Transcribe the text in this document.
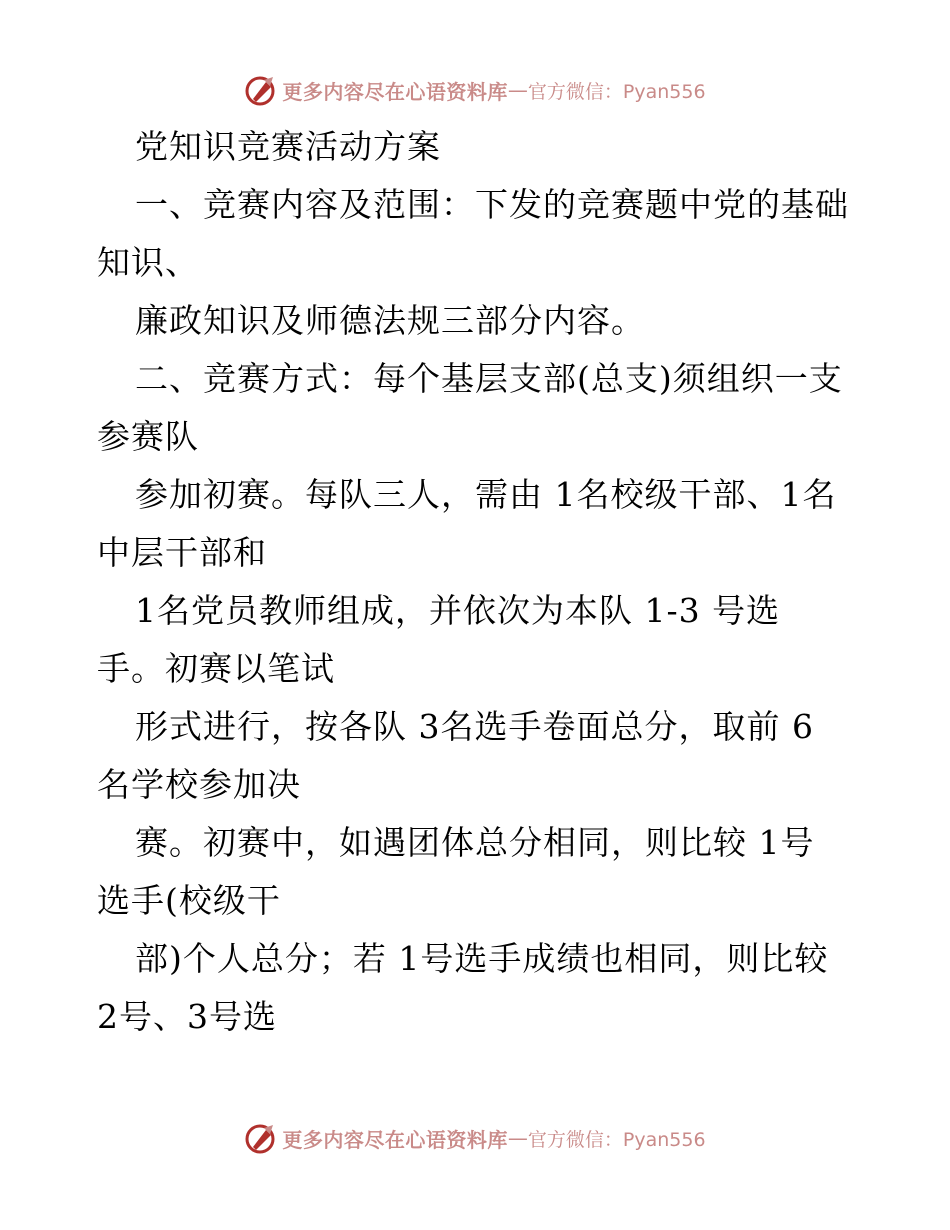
更多内容尽在心语资料库 — 官方微信：Pyan556
党知识竞赛活动方案
一、竞赛内容及范围：下发的竞赛题中党的基础
知识、
廉政知识及师德法规三部分内容。
二、竞赛方式：每个基层支部(总支)须组织一支
参赛队
参加初赛。每队三人，需由 1名校级干部、1名
中层干部和
1名党员教师组成，并依次为本队 1-3 号选
手。初赛以笔试
形式进行，按各队 3名选手卷面总分，取前 6
名学校参加决
赛。初赛中，如遇团体总分相同，则比较 1号
选手(校级干
部)个人总分；若 1号选手成绩也相同，则比较
2号、3号选
更多内容尽在心语资料库 — 官方微信：Pyan556
